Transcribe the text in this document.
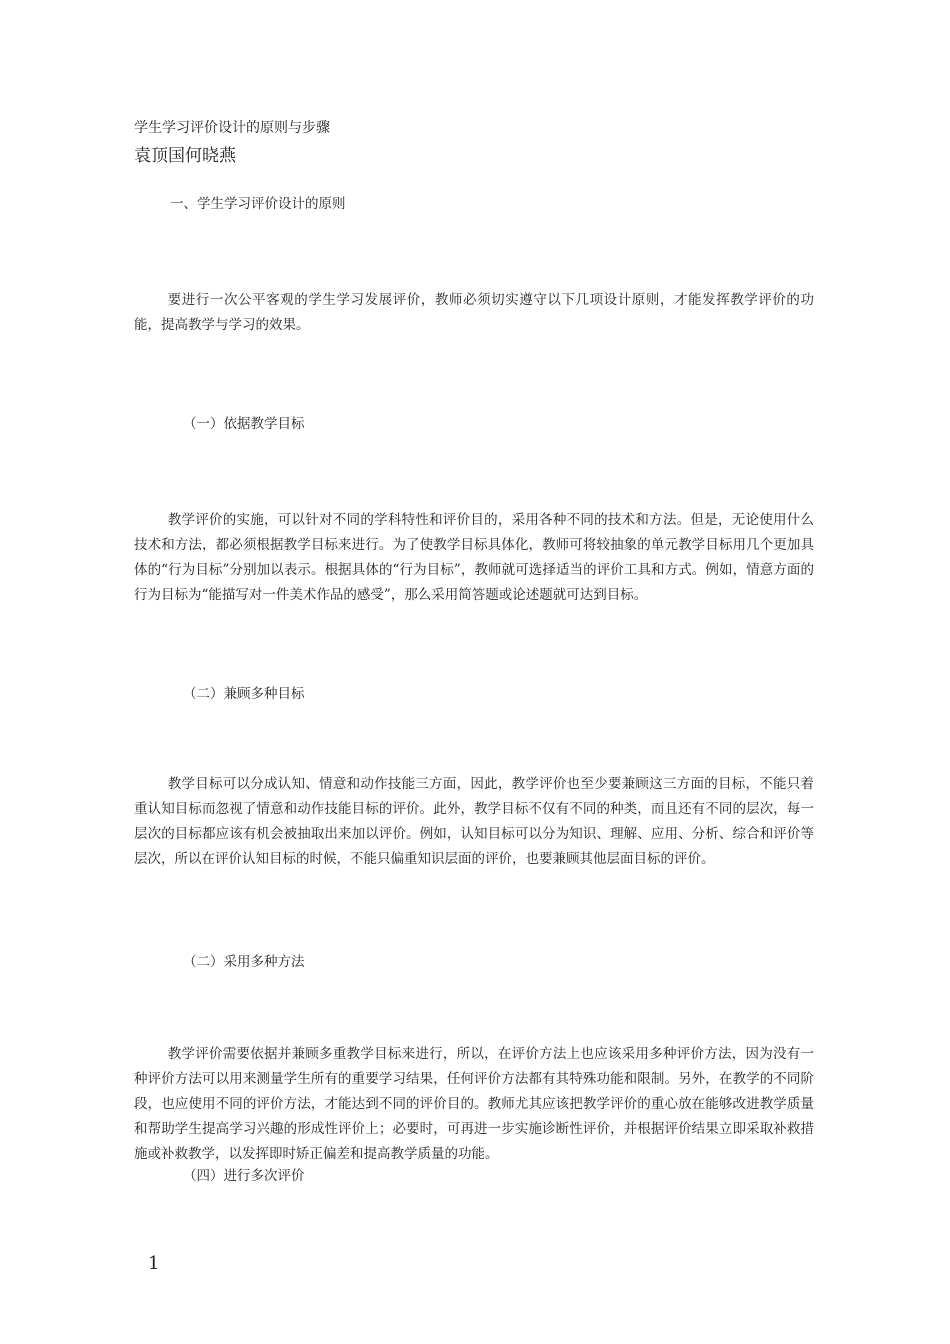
学生学习评价设计的原则与步骤
袁顶国何晓燕
一、学生学习评价设计的原则
要进行一次公平客观的学生学习发展评价，教师必须切实遵守以下几项设计原则，才能发挥教学评价的功能，提高教学与学习的效果。
（一）依据教学目标
教学评价的实施，可以针对不同的学科特性和评价目的，采用各种不同的技术和方法。但是，无论使用什么技术和方法，都必须根据教学目标来进行。为了使教学目标具体化，教师可将较抽象的单元教学目标用几个更加具体的“行为目标”分别加以表示。根据具体的“行为目标”，教师就可选择适当的评价工具和方式。例如，情意方面的行为目标为“能描写对一件美术作品的感受”，那么采用简答题或论述题就可达到目标。
（二）兼顾多种目标
教学目标可以分成认知、情意和动作技能三方面，因此，教学评价也至少要兼顾这三方面的目标，不能只着重认知目标而忽视了情意和动作技能目标的评价。此外，教学目标不仅有不同的种类，而且还有不同的层次，每一层次的目标都应该有机会被抽取出来加以评价。例如，认知目标可以分为知识、理解、应用、分析、综合和评价等层次，所以在评价认知目标的时候，不能只偏重知识层面的评价，也要兼顾其他层面目标的评价。
（二）采用多种方法
教学评价需要依据并兼顾多重教学目标来进行，所以，在评价方法上也应该采用多种评价方法，因为没有一种评价方法可以用来测量学生所有的重要学习结果，任何评价方法都有其特殊功能和限制。另外，在教学的不同阶段，也应使用不同的评价方法，才能达到不同的评价目的。教师尤其应该把教学评价的重心放在能够改进教学质量和帮助学生提高学习兴趣的形成性评价上；必要时，可再进一步实施诊断性评价，并根据评价结果立即采取补救措施或补救教学，以发挥即时矫正偏差和提高教学质量的功能。
（四）进行多次评价
1
